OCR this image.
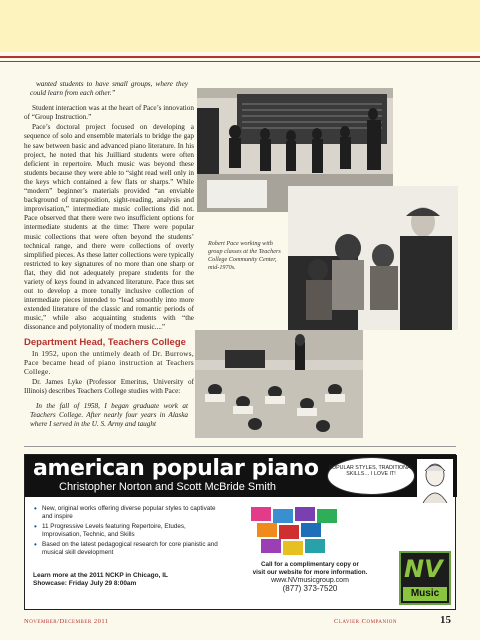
wanted students to have small groups, where they could learn from each other.”

Student interaction was at the heart of Pace’s innovation of “Group Instruction.”

Pace’s doctoral project focused on developing a sequence of solo and ensemble materials to bridge the gap he saw between basic and advanced piano literature. In his project, he noted that his Juilliard students were often deficient in repertoire. Much music was beyond these students because they were able to “sight read well only in the keys which contained a few flats or sharps.” While “modern” beginner’s materials provided “an enviable background of transposition, sight-reading, analysis and improvisation,” intermediate music collections did not. Pace observed that there were two insufficient options for intermediate students at the time: There were popular music collections that were often beyond the students’ technical range, and there were collections of overly simplified pieces. As these latter collections were typically restricted to key signatures of no more than one sharp or flat, they did not adequately prepare students for the variety of keys found in advanced literature. Pace thus set out to develop a more tonally inclusive collection of intermediate pieces intended to “lead smoothly into more extended literature of the classic and romantic periods of music,” while also acquainting students with “the dissonance and polytonality of modern music....”

Department Head, Teachers College

In 1952, upon the untimely death of Dr. Burrows, Pace became head of piano instruction at Teachers College.

Dr. James Lyke (Professor Emeritus, University of Illinois) describes Teachers College studies with Pace:

In the fall of 1958, I began graduate work at Teachers College. After nearly four years in Alaska where I served in the U. S. Army and taught

Robert Pace working with group classes at the Teachers College Community Center, mid-1970s.
american popular piano
Christopher Norton and Scott McBride Smith
POPULAR STYLES, TRADITIONAL SKILLS… I LOVE IT!
• New, original works offering diverse popular styles to captivate and inspire
• 11 Progressive Levels featuring Repertoire, Etudes, Improvisation, Technic, and Skills
• Based on the latest pedagogical research for core pianistic and musical skill development
Learn more at the 2011 NCKP in Chicago, IL
Showcase: Friday July 29 8:00am
Call for a complimentary copy or
visit our website for more information.
www.NVmusicgroup.com
(877) 373-7520
NV
Music
November/December 2011	Clavier Companion	15
